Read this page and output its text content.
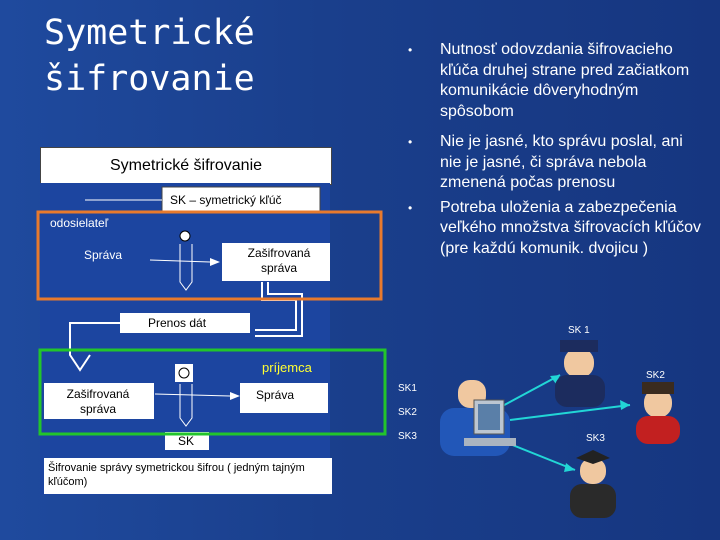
Symetrické
šifrovanie
Symetrické šifrovanie
SK – symetrický kľúč
odosielateľ
Správa	Zašifrovaná
správa
Prenos dát
príjemca
Zašifrovaná
správa
Správa
SK
Šifrovanie správy symetrickou šifrou ( jedným tajným kľúčom)
• Nutnosť odovzdania šifrovacieho kľúča druhej strane pred začiatkom komunikácie dôveryhodným spôsobom
• Nie je jasné, kto správu poslal, ani nie je jasné, či správa nebola zmenená počas prenosu
• Potreba uloženia a zabezpečenia veľkého množstva šifrovacích kľúčov (pre každú komunik. dvojicu )
SK 1
SK2
SK1
SK2
SK3	SK3
